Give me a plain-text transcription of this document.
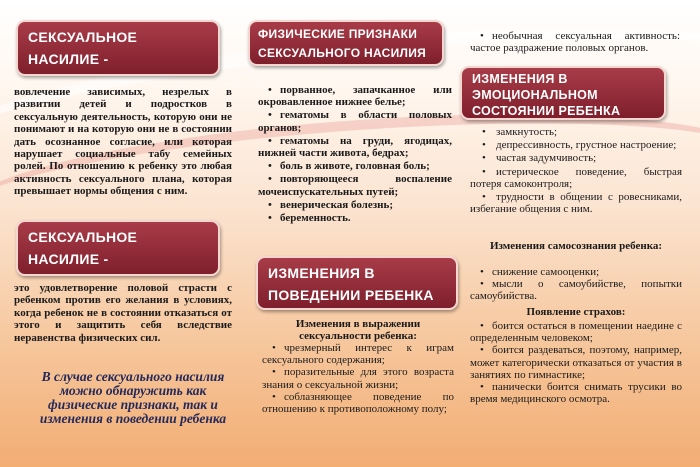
СЕКСУАЛЬНОЕ НАСИЛИЕ -
вовлечение зависимых, незрелых в развитии детей и подростков в сексуальную деятельность, которую они не понимают и на которую они не в состоянии дать осознанное согласие, или которая нарушает социальные табу семейных ролей. По отношению к ребенку это любая активность сексуального плана, которая превышает нормы общения с ним.
СЕКСУАЛЬНОЕ НАСИЛИЕ -
это удовлетворение половой страсти с ребенком против его желания в условиях, когда ребенок не в состоянии отказаться от этого и защитить себя вследствие неравенства физических сил.
В случае сексуального насилия можно обнаружить как физические признаки, так и изменения в поведении ребенка
ФИЗИЧЕСКИЕ ПРИЗНАКИ СЕКСУАЛЬНОГО НАСИЛИЯ
• порванное, запачканное или окровавленное нижнее белье;
• гематомы в области половых органов;
• гематомы на груди, ягодицах, нижней части живота, бедрах;
• боль в животе, головная боль;
• повторяющееся воспаление мочеиспускательных путей;
• венерическая болезнь;
• беременность.
ИЗМЕНЕНИЯ В ПОВЕДЕНИИ РЕБЕНКА
Изменения в выражении сексуальности ребенка:
• чрезмерный интерес к играм сексуального содержания;
• поразительные для этого возраста знания о сексуальной жизни;
• соблазняющее поведение по отношению к противоположному полу;
• необычная сексуальная активность: частое раздражение половых органов.
ИЗМЕНЕНИЯ В ЭМОЦИОНАЛЬНОМ СОСТОЯНИИ РЕБЕНКА
• замкнутость;
• депрессивность, грустное настроение;
• частая задумчивость;
• истерическое поведение, быстрая потеря самоконтроля;
• трудности в общении с ровесниками, избегание общения с ним.
Изменения самосознания ребенка:
• снижение самооценки;
• мысли о самоубийстве, попытки самоубийства.
Появление страхов:
• боится остаться в помещении наедине с определенным человеком;
• боится раздеваться, поэтому, например, может категорически отказаться от участия в занятиях по гимнастике;
• панически боится снимать трусики во время медицинского осмотра.
